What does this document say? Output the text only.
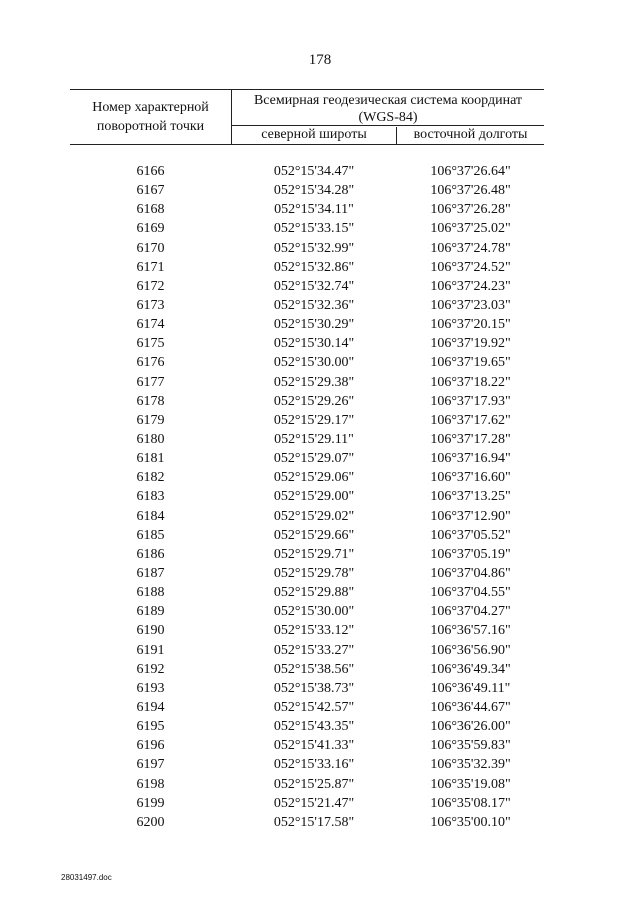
178
Номер характерной
поворотной точки
Всемирная геодезическая система координат
(WGS-84)
северной широты	восточной долготы
6166	052°15'34.47"	106°37'26.64"
6167	052°15'34.28"	106°37'26.48"
6168	052°15'34.11"	106°37'26.28"
6169	052°15'33.15"	106°37'25.02"
6170	052°15'32.99"	106°37'24.78"
6171	052°15'32.86"	106°37'24.52"
6172	052°15'32.74"	106°37'24.23"
6173	052°15'32.36"	106°37'23.03"
6174	052°15'30.29"	106°37'20.15"
6175	052°15'30.14"	106°37'19.92"
6176	052°15'30.00"	106°37'19.65"
6177	052°15'29.38"	106°37'18.22"
6178	052°15'29.26"	106°37'17.93"
6179	052°15'29.17"	106°37'17.62"
6180	052°15'29.11"	106°37'17.28"
6181	052°15'29.07"	106°37'16.94"
6182	052°15'29.06"	106°37'16.60"
6183	052°15'29.00"	106°37'13.25"
6184	052°15'29.02"	106°37'12.90"
6185	052°15'29.66"	106°37'05.52"
6186	052°15'29.71"	106°37'05.19"
6187	052°15'29.78"	106°37'04.86"
6188	052°15'29.88"	106°37'04.55"
6189	052°15'30.00"	106°37'04.27"
6190	052°15'33.12"	106°36'57.16"
6191	052°15'33.27"	106°36'56.90"
6192	052°15'38.56"	106°36'49.34"
6193	052°15'38.73"	106°36'49.11"
6194	052°15'42.57"	106°36'44.67"
6195	052°15'43.35"	106°36'26.00"
6196	052°15'41.33"	106°35'59.83"
6197	052°15'33.16"	106°35'32.39"
6198	052°15'25.87"	106°35'19.08"
6199	052°15'21.47"	106°35'08.17"
6200	052°15'17.58"	106°35'00.10"
28031497.doc
